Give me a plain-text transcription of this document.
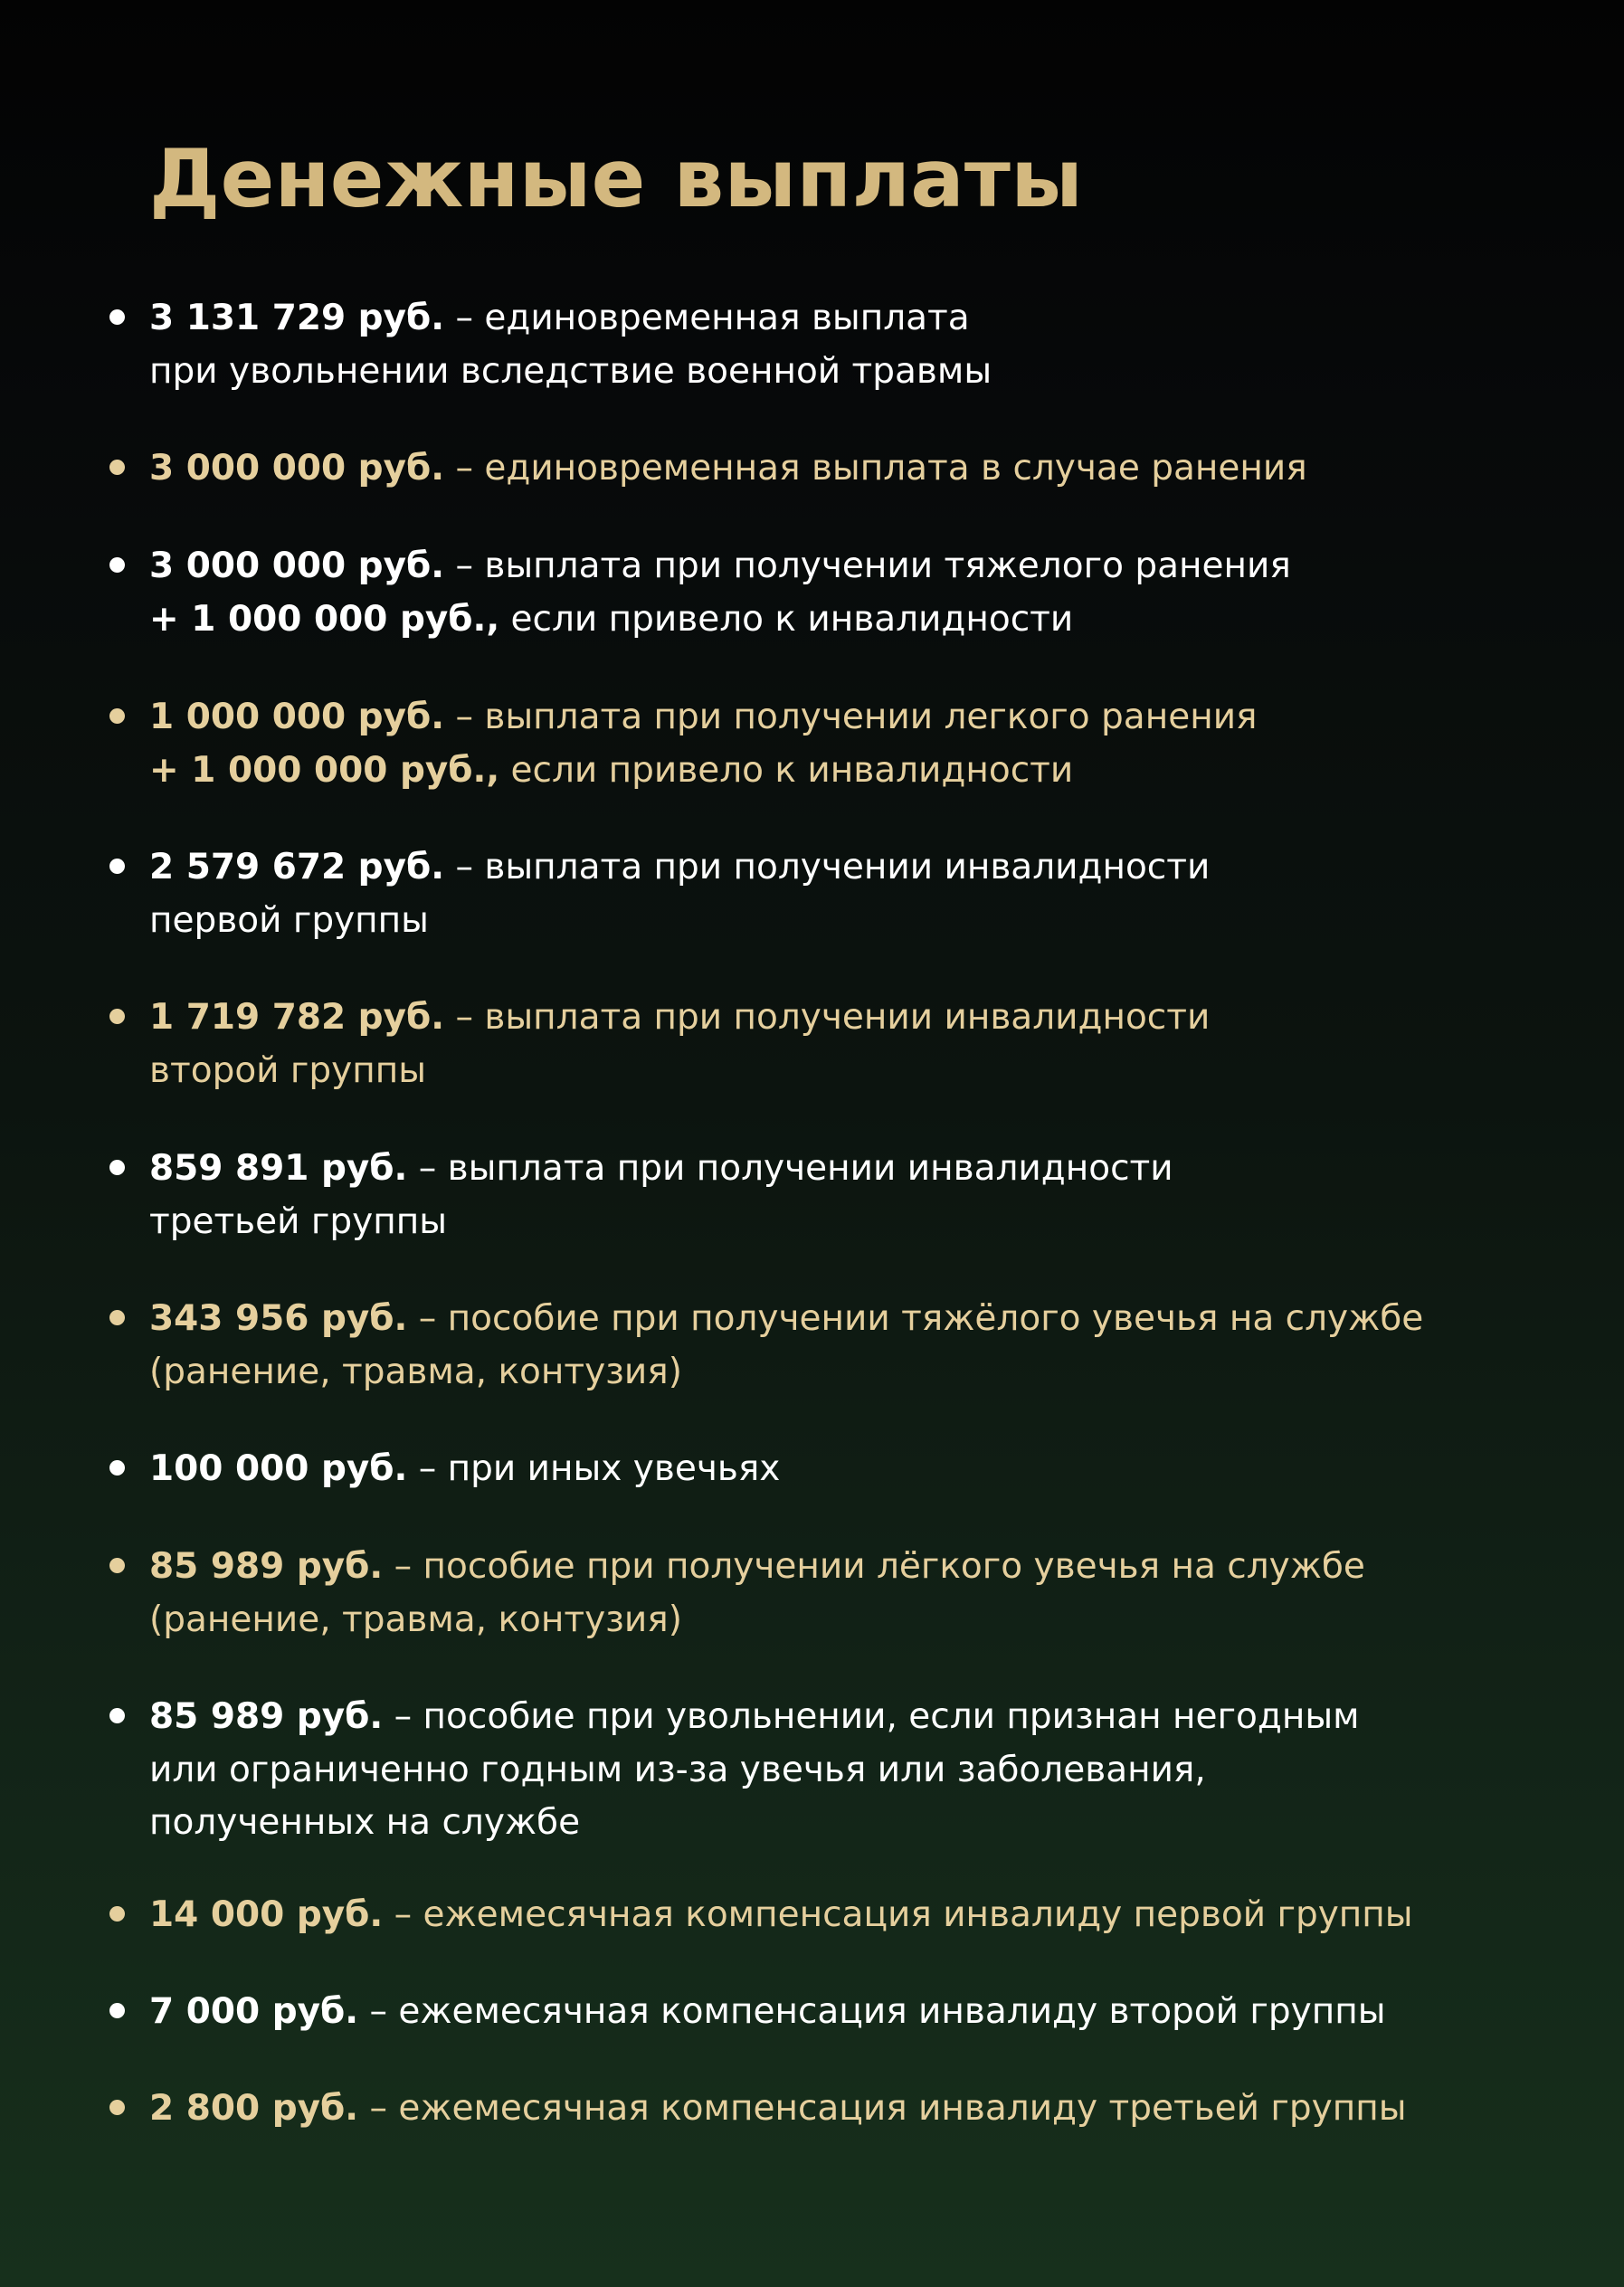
Денежные выплаты
3 131 729 руб. – единовременная выплата
при увольнении вследствие военной травмы
3 000 000 руб. – единовременная выплата в случае ранения
3 000 000 руб. – выплата при получении тяжелого ранения
+ 1 000 000 руб., если привело к инвалидности
1 000 000 руб. – выплата при получении легкого ранения
+ 1 000 000 руб., если привело к инвалидности
2 579 672 руб. – выплата при получении инвалидности
первой группы
1 719 782 руб. – выплата при получении инвалидности
второй группы
859 891 руб. – выплата при получении инвалидности
третьей группы
343 956 руб. – пособие при получении тяжёлого увечья на службе
(ранение, травма, контузия)
100 000 руб. – при иных увечьях
85 989 руб. – пособие при получении лёгкого увечья на службе
(ранение, травма, контузия)
85 989 руб. – пособие при увольнении, если признан негодным
или ограниченно годным из-за увечья или заболевания,
полученных на службе
14 000 руб. – ежемесячная компенсация инвалиду первой группы
7 000 руб. – ежемесячная компенсация инвалиду второй группы
2 800 руб. – ежемесячная компенсация инвалиду третьей группы
